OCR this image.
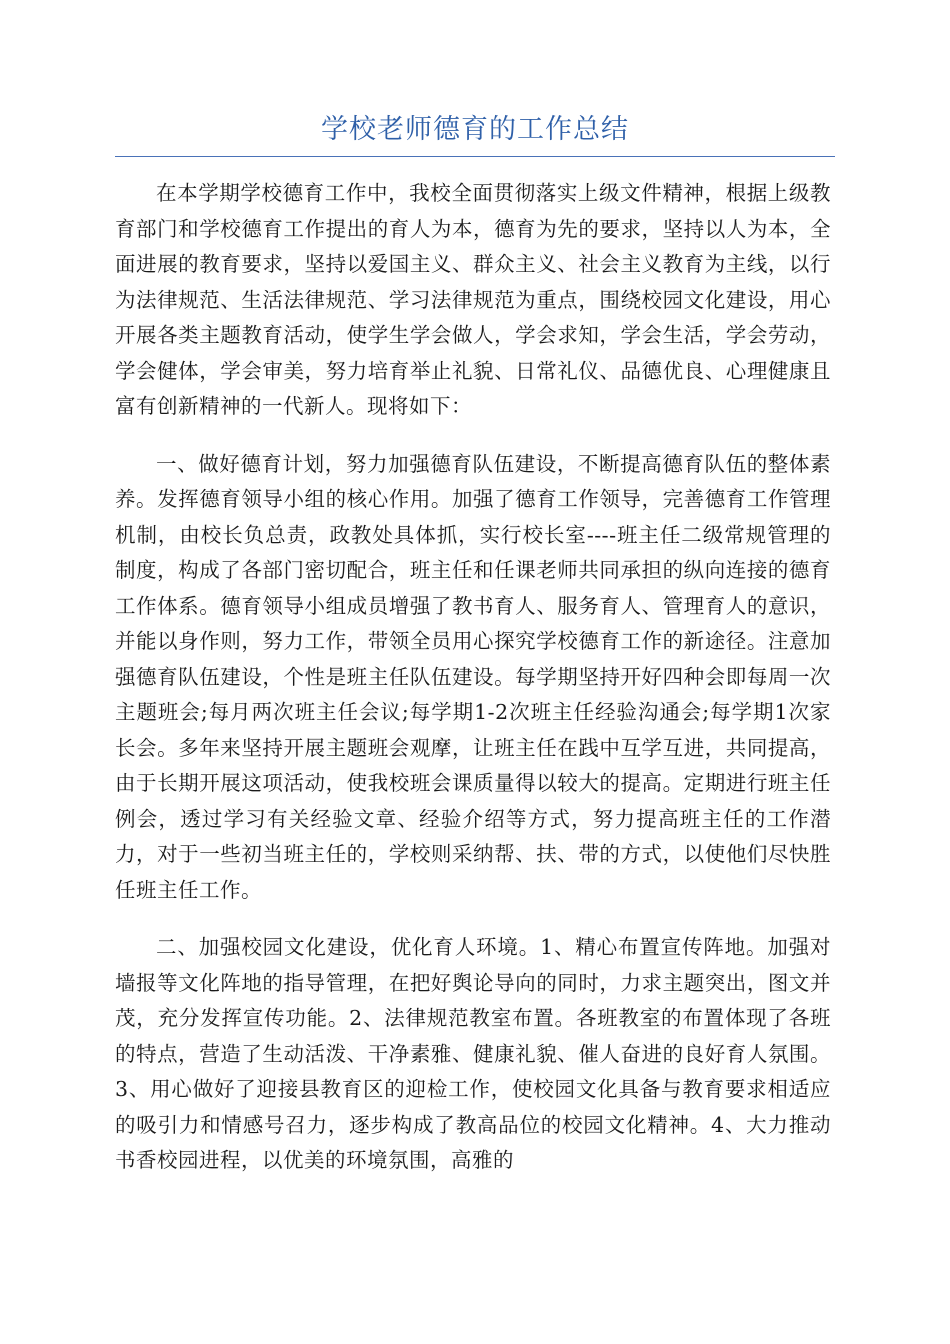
学校老师德育的工作总结

在本学期学校德育工作中，我校全面贯彻落实上级文件精神，根据上级教育部门和学校德育工作提出的育人为本，德育为先的要求，坚持以人为本，全面进展的教育要求，坚持以爱国主义、群众主义、社会主义教育为主线，以行为法律规范、生活法律规范、学习法律规范为重点，围绕校园文化建设，用心开展各类主题教育活动，使学生学会做人，学会求知，学会生活，学会劳动，学会健体，学会审美，努力培育举止礼貌、日常礼仪、品德优良、心理健康且富有创新精神的一代新人。现将如下：

一、做好德育计划，努力加强德育队伍建设，不断提高德育队伍的整体素养。发挥德育领导小组的核心作用。加强了德育工作领导，完善德育工作管理机制，由校长负总责，政教处具体抓，实行校长室----班主任二级常规管理的制度，构成了各部门密切配合，班主任和任课老师共同承担的纵向连接的德育工作体系。德育领导小组成员增强了教书育人、服务育人、管理育人的意识，并能以身作则，努力工作，带领全员用心探究学校德育工作的新途径。注意加强德育队伍建设，个性是班主任队伍建设。每学期坚持开好四种会即每周一次主题班会;每月两次班主任会议;每学期1-2次班主任经验沟通会;每学期1次家长会。多年来坚持开展主题班会观摩，让班主任在践中互学互进，共同提高，由于长期开展这项活动，使我校班会课质量得以较大的提高。定期进行班主任例会，透过学习有关经验文章、经验介绍等方式，努力提高班主任的工作潜力，对于一些初当班主任的，学校则采纳帮、扶、带的方式，以使他们尽快胜任班主任工作。

二、加强校园文化建设，优化育人环境。1、精心布置宣传阵地。加强对墙报等文化阵地的指导管理，在把好舆论导向的同时，力求主题突出，图文并茂，充分发挥宣传功能。2、法律规范教室布置。各班教室的布置体现了各班的特点，营造了生动活泼、干净素雅、健康礼貌、催人奋进的良好育人氛围。3、用心做好了迎接县教育区的迎检工作，使校园文化具备与教育要求相适应的吸引力和情感号召力，逐步构成了教高品位的校园文化精神。4、大力推动书香校园进程，以优美的环境氛围，高雅的
